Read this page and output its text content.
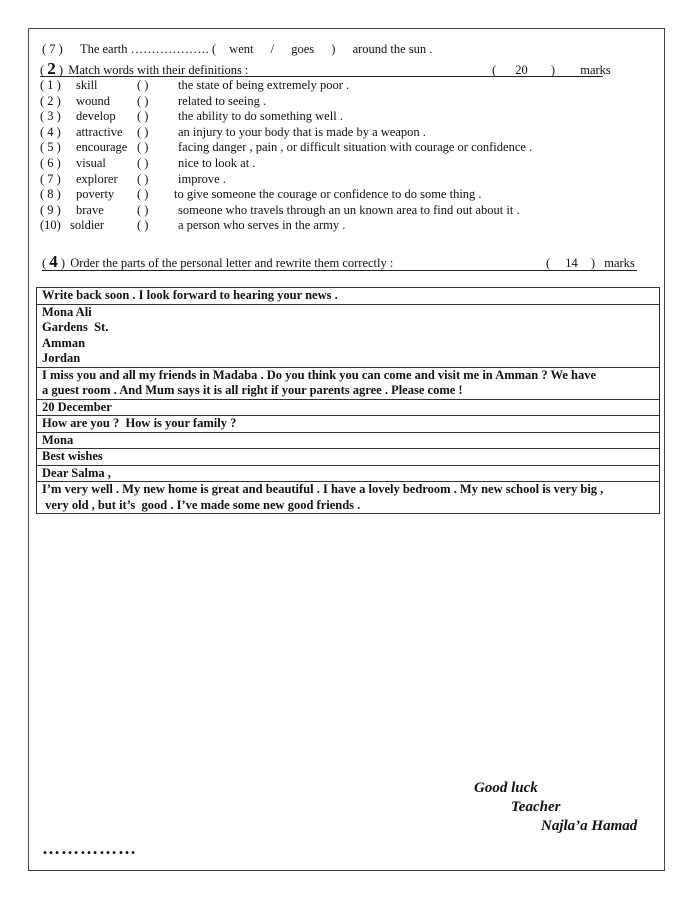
( 7 ) The earth ………………. ( went / goes ) around the sun .
( 2 ) Match words with their definitions :	( 20 ) marks
( 1 ) skill	( ) the state of being extremely poor .
( 2 ) wound ( ) related to seeing .
( 3 ) develop ( ) the ability to do something well .
( 4 ) attractive ( ) an injury to your body that is made by a weapon .
( 5 ) encourage ( ) facing danger , pain , or difficult situation with courage or confidence .
( 6 ) visual ( ) nice to look at .
( 7 ) explorer ( ) improve .
( 8 ) poverty ( ) to give someone the courage or confidence to do some thing .
( 9 ) brave	( ) someone who travels through an un known area to find out about it .
(10) soldier	( ) a person who serves in the army .
( 4 ) Order the parts of the personal letter and rewrite them correctly :	( 14 ) marks
Write back soon . I look forward to hearing your news .

Mona Ali
Gardens  St.
Amman
Jordan

I miss you and all my friends in Madaba . Do you think you can come and visit me in Amman ? We have
a guest room . And Mum says it is all right if your parents agree . Please come !

20 December

How are you ?  How is your family ?

Mona

Best wishes

Dear Salma ,

I’m very well . My new home is great and beautiful . I have a lovely bedroom . My new school is very big ,
very old , but it’s  good . I’ve made some new good friends .
Good luck
Teacher
Najla’a Hamad
……………
